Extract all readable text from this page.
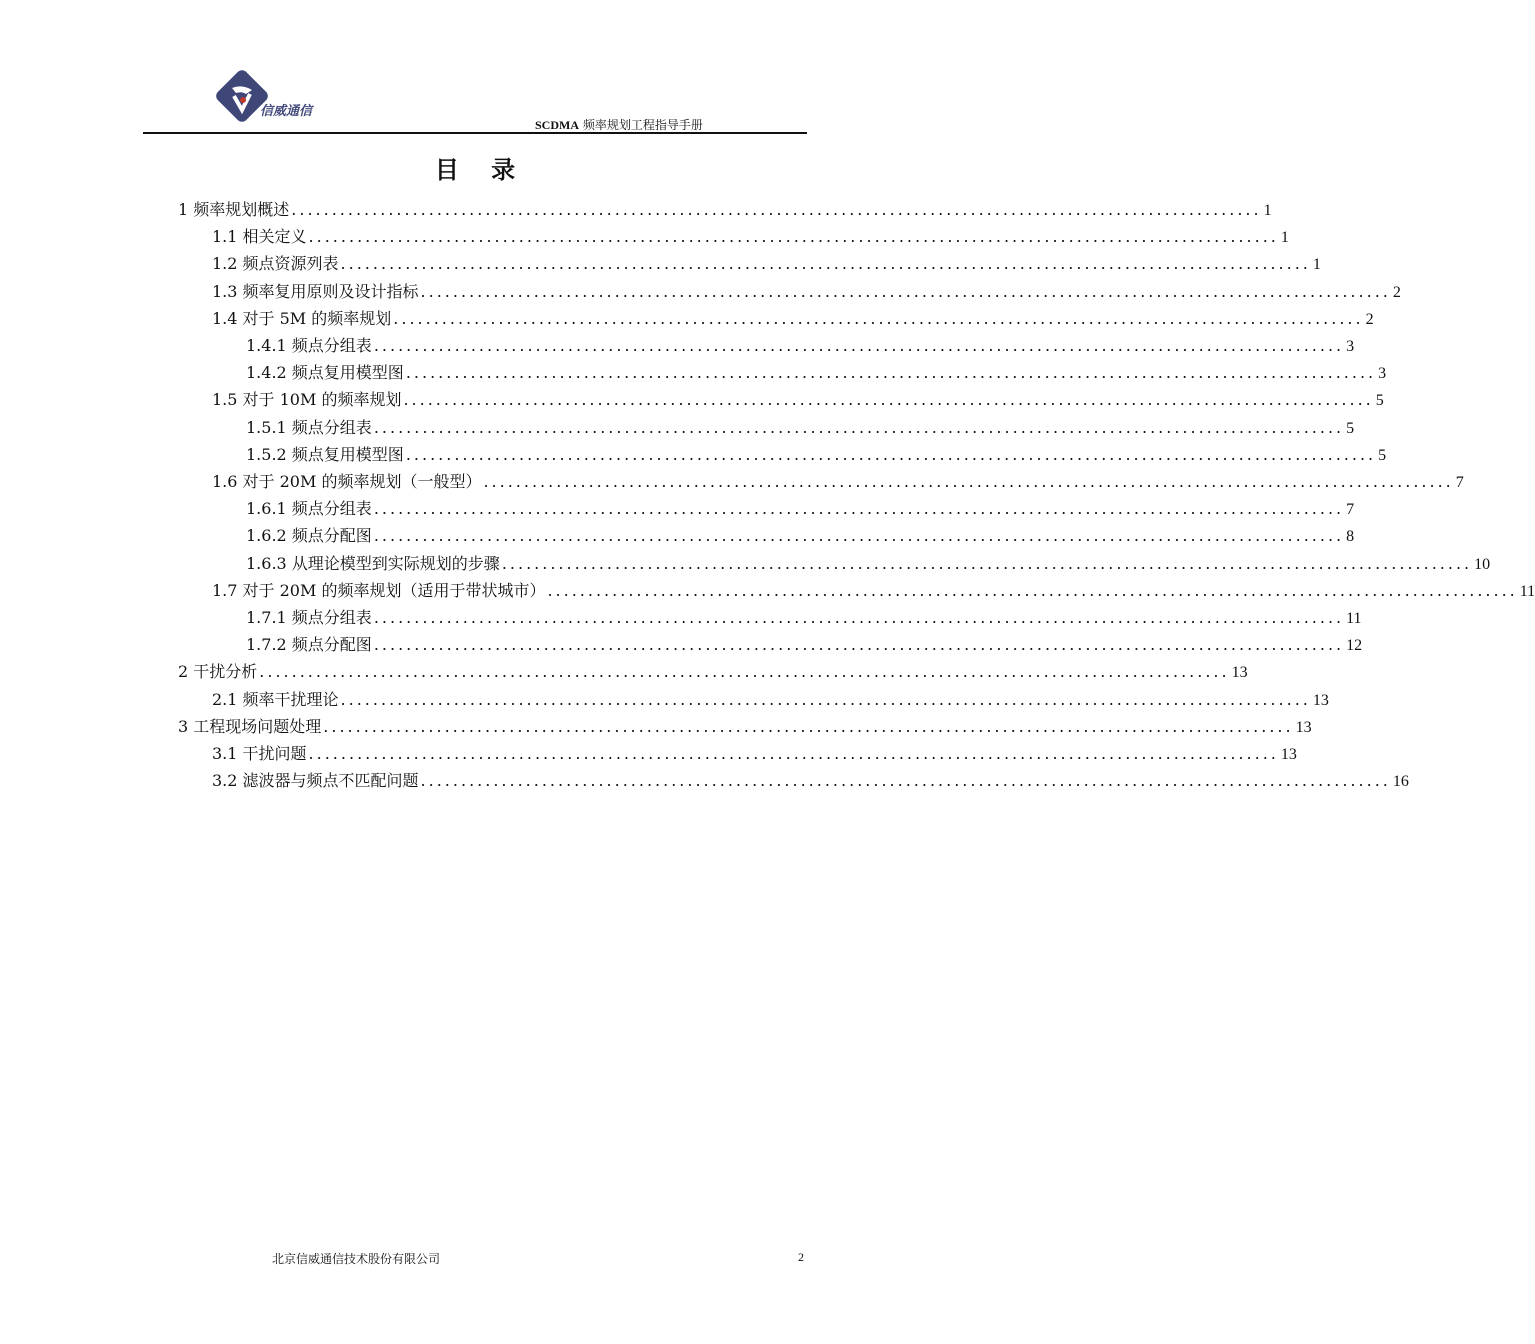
信威通信
SCDMA 频率规划工程指导手册
目 录
1 频率规划概述 ........................................................................................................................ 1
1.1 相关定义 ........................................................................................................................ 1
1.2 频点资源列表 ........................................................................................................................ 1
1.3 频率复用原则及设计指标 ........................................................................................................................ 2
1.4 对于 5M 的频率规划 ........................................................................................................................ 2
1.4.1 频点分组表 ........................................................................................................................ 3
1.4.2 频点复用模型图 ........................................................................................................................ 3
1.5 对于 10M 的频率规划 ........................................................................................................................ 5
1.5.1 频点分组表 ........................................................................................................................ 5
1.5.2 频点复用模型图 ........................................................................................................................ 5
1.6 对于 20M 的频率规划（一般型） ........................................................................................................................ 7
1.6.1 频点分组表 ........................................................................................................................ 7
1.6.2 频点分配图 ........................................................................................................................ 8
1.6.3 从理论模型到实际规划的步骤 ........................................................................................................................ 10
1.7 对于 20M 的频率规划（适用于带状城市） ........................................................................................................................ 11
1.7.1 频点分组表 ........................................................................................................................ 11
1.7.2 频点分配图 ........................................................................................................................ 12
2 干扰分析 ........................................................................................................................ 13
2.1 频率干扰理论 ........................................................................................................................ 13
3 工程现场问题处理 ........................................................................................................................ 13
3.1 干扰问题 ........................................................................................................................ 13
3.2 滤波器与频点不匹配问题 ........................................................................................................................ 16
北京信威通信技术股份有限公司	2
